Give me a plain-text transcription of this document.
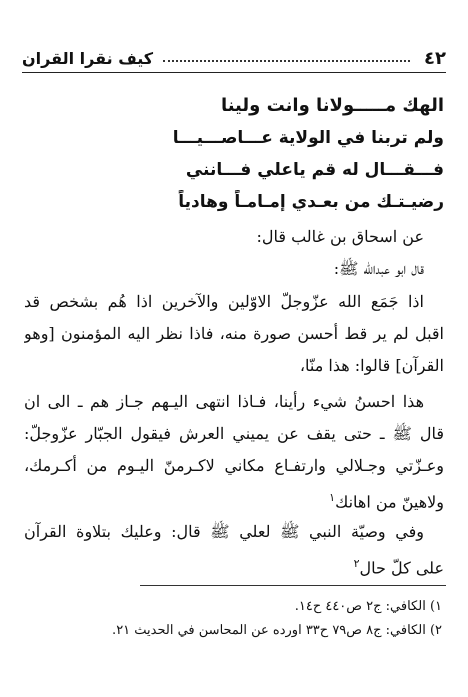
٤٢
كيف نقرا القران
الهك مـــــولانا وانت ولينا
ولم تربنا في الولاية عـــاصـــيـــا
فـــقـــال له قم ياعلي فـــانني
رضيـتـك من بعـدي إمـامـاً وهادياً
عن اسحاق بن غالب قال:
قال ابو عبدالله ﷺ:
اذا جَمَع الله عزّوجلّ الاوّلين والآخرين اذا هُم بشخص قد
اقبل لم ير قط أحسن صورة منه، فاذا نظر اليه المؤمنون [وهو
القرآن] قالوا: هذا منّا،
هذا احسنُ شيء رأينا، فـاذا انتهى اليـهم جـاز هم ـ الى ان
قال ﷺ ـ حتى يقف عن يميني العرش فيقول الجبّار عزّوجلّ:
وعـزّتي وجـلالي وارتفـاع مكاني لاكـرمنّ اليـوم من أكـرمك،
ولاهينّ من اهانك$^١$
وفي وصيّة النبي ﷺ لعلي ﷺ قال: وعليك بتلاوة القرآن
على كلّ حال$^٢$
١) الكافي: ج٢ ص٤٤٠ ح١٤.
٢) الكافي: ج٨ ص٧٩ ح٣٣ اورده عن المحاسن في الحديث ٢١.
